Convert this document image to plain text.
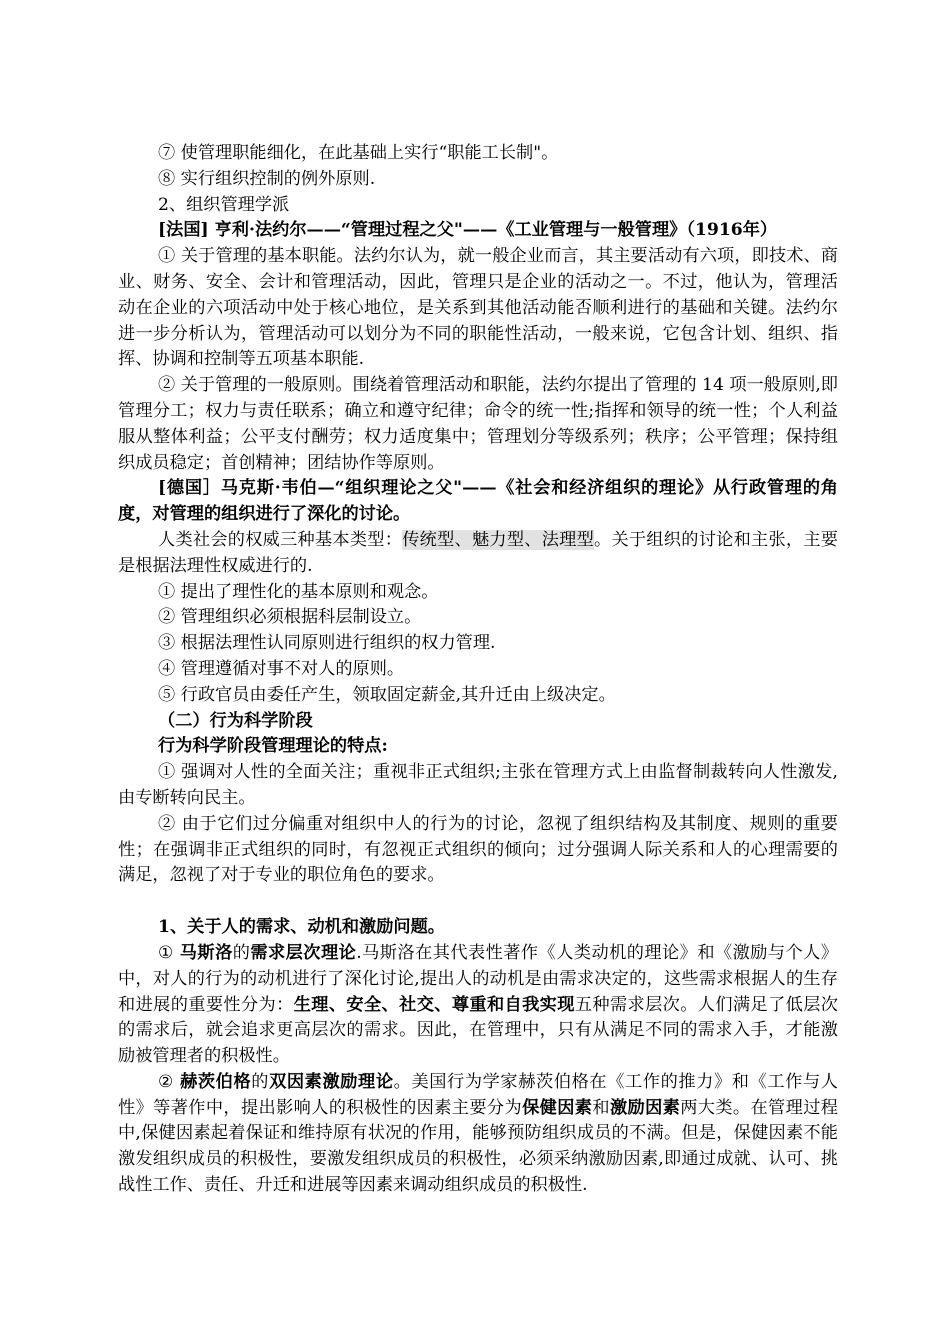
⑦ 使管理职能细化，在此基础上实行“职能工长制"。

⑧ 实行组织控制的例外原则.

2、组织管理学派

[法国] 亨利·法约尔——“管理过程之父"——《工业管理与一般管理》（1916年）

① 关于管理的基本职能。法约尔认为，就一般企业而言，其主要活动有六项，即技术、商业、财务、安全、会计和管理活动，因此，管理只是企业的活动之一。不过，他认为，管理活动在企业的六项活动中处于核心地位，是关系到其他活动能否顺利进行的基础和关键。法约尔进一步分析认为，管理活动可以划分为不同的职能性活动，一般来说，它包含计划、组织、指挥、协调和控制等五项基本职能.

② 关于管理的一般原则。围绕着管理活动和职能，法约尔提出了管理的 14 项一般原则,即管理分工；权力与责任联系；确立和遵守纪律；命令的统一性;指挥和领导的统一性；个人利益服从整体利益；公平支付酬劳；权力适度集中；管理划分等级系列；秩序；公平管理；保持组织成员稳定；首创精神；团结协作等原则。

[德国］马克斯·韦伯—“组织理论之父"——《社会和经济组织的理论》从行政管理的角度，对管理的组织进行了深化的讨论。

人类社会的权威三种基本类型：传统型、魅力型、法理型。关于组织的讨论和主张，主要是根据法理性权威进行的.

① 提出了理性化的基本原则和观念。

② 管理组织必须根据科层制设立。

③ 根据法理性认同原则进行组织的权力管理.

④ 管理遵循对事不对人的原则。

⑤ 行政官员由委任产生，领取固定薪金,其升迁由上级决定。

（二）行为科学阶段

行为科学阶段管理理论的特点:

① 强调对人性的全面关注；重视非正式组织;主张在管理方式上由监督制裁转向人性激发,由专断转向民主。

② 由于它们过分偏重对组织中人的行为的讨论，忽视了组织结构及其制度、规则的重要性；在强调非正式组织的同时，有忽视正式组织的倾向；过分强调人际关系和人的心理需要的满足，忽视了对于专业的职位角色的要求。

1、关于人的需求、动机和激励问题。

① 马斯洛的需求层次理论.马斯洛在其代表性著作《人类动机的理论》和《激励与个人》中，对人的行为的动机进行了深化讨论,提出人的动机是由需求决定的，这些需求根据人的生存和进展的重要性分为：生理、安全、社交、尊重和自我实现五种需求层次。人们满足了低层次的需求后，就会追求更高层次的需求。因此，在管理中，只有从满足不同的需求入手，才能激励被管理者的积极性。

② 赫茨伯格的双因素激励理论。美国行为学家赫茨伯格在《工作的推力》和《工作与人性》等著作中，提出影响人的积极性的因素主要分为保健因素和激励因素两大类。在管理过程中,保健因素起着保证和维持原有状况的作用，能够预防组织成员的不满。但是，保健因素不能激发组织成员的积极性，要激发组织成员的积极性，必须采纳激励因素,即通过成就、认可、挑战性工作、责任、升迁和进展等因素来调动组织成员的积极性.
